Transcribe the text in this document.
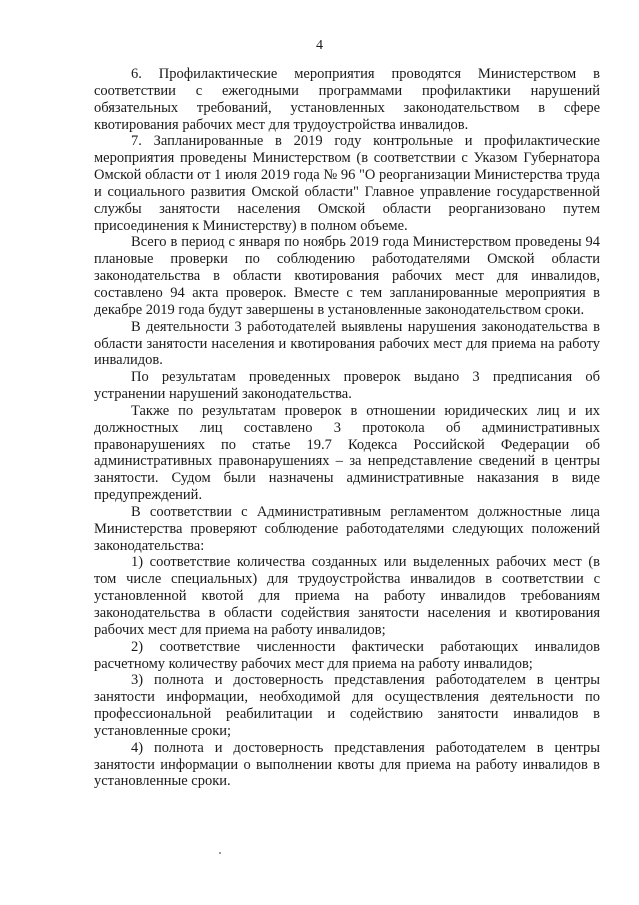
4

6. Профилактические мероприятия проводятся Министерством в соответствии с ежегодными программами профилактики нарушений обязательных требований, установленных законодательством в сфере квотирования рабочих мест для трудоустройства инвалидов.

7. Запланированные в 2019 году контрольные и профилактические мероприятия проведены Министерством (в соответствии с Указом Губернатора Омской области от 1 июля 2019 года № 96 "О реорганизации Министерства труда и социального развития Омской области" Главное управление государственной службы занятости населения Омской области реорганизовано путем присоединения к Министерству) в полном объеме.

Всего в период с января по ноябрь 2019 года Министерством проведены 94 плановые проверки по соблюдению работодателями Омской области законодательства в области квотирования рабочих мест для инвалидов, составлено 94 акта проверок. Вместе с тем запланированные мероприятия в декабре 2019 года будут завершены в установленные законодательством сроки.

В деятельности 3 работодателей выявлены нарушения законодательства в области занятости населения и квотирования рабочих мест для приема на работу инвалидов.

По результатам проведенных проверок выдано 3 предписания об устранении нарушений законодательства.

Также по результатам проверок в отношении юридических лиц и их должностных лиц составлено 3 протокола об административных правонарушениях по статье 19.7 Кодекса Российской Федерации об административных правонарушениях – за непредставление сведений в центры занятости. Судом были назначены административные наказания в виде предупреждений.

В соответствии с Административным регламентом должностные лица Министерства проверяют соблюдение работодателями следующих положений законодательства:

1) соответствие количества созданных или выделенных рабочих мест (в том числе специальных) для трудоустройства инвалидов в соответствии с установленной квотой для приема на работу инвалидов требованиям законодательства в области содействия занятости населения и квотирования рабочих мест для приема на работу инвалидов;

2) соответствие численности фактически работающих инвалидов расчетному количеству рабочих мест для приема на работу инвалидов;

3) полнота и достоверность представления работодателем в центры занятости информации, необходимой для осуществления деятельности по профессиональной реабилитации и содействию занятости инвалидов в установленные сроки;

4) полнота и достоверность представления работодателем в центры занятости информации о выполнении квоты для приема на работу инвалидов в установленные сроки.
